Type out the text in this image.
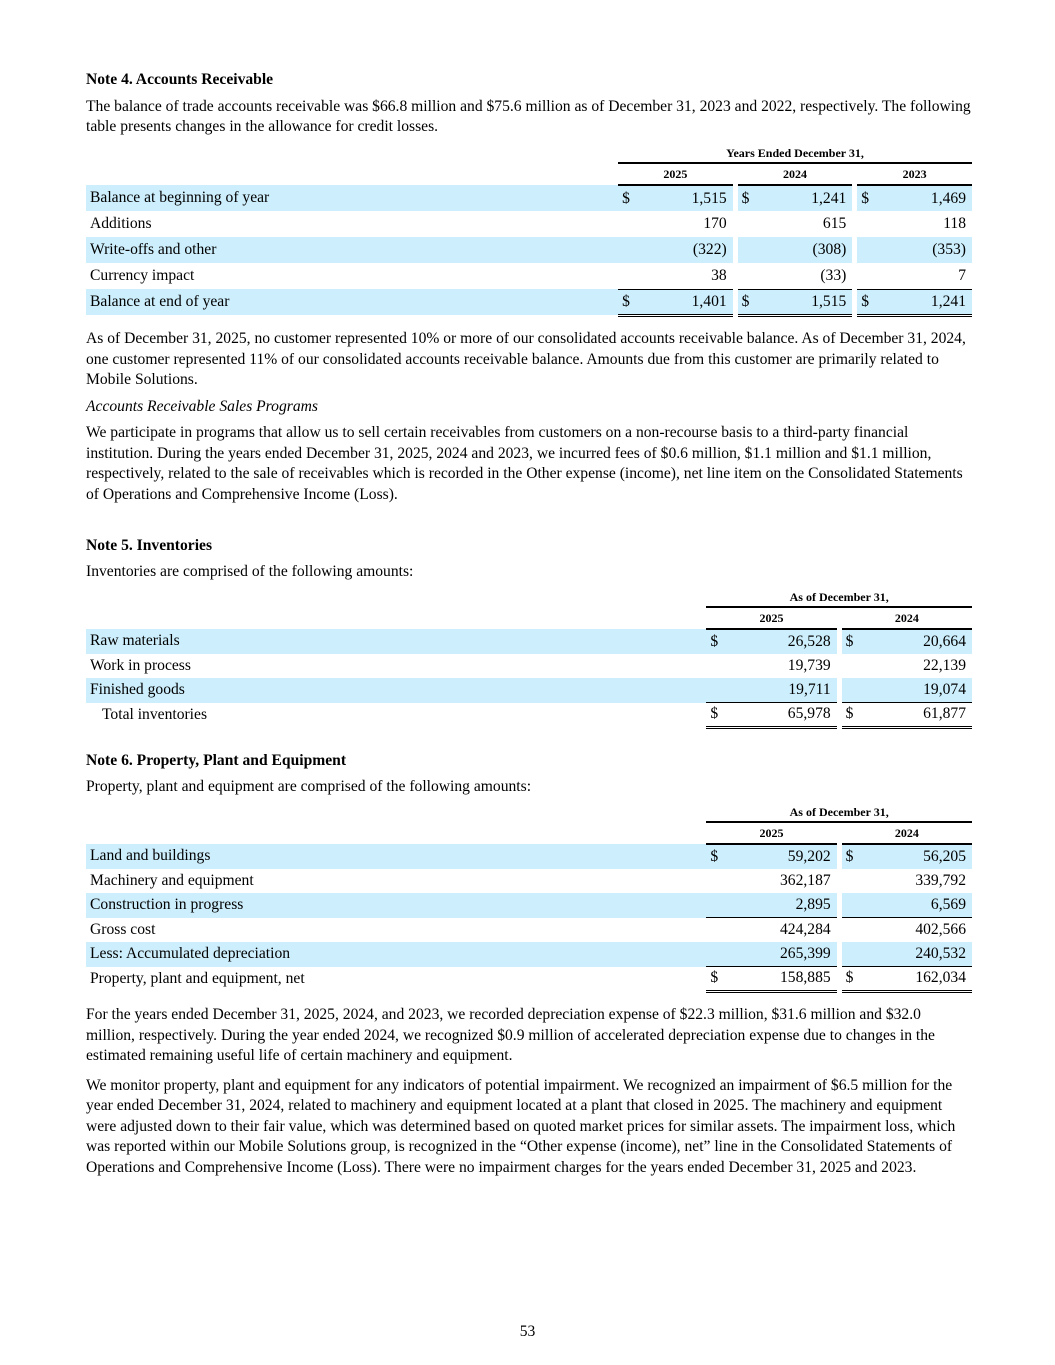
Note 4. Accounts Receivable

The balance of trade accounts receivable was $66.8 million and $75.6 million as of December 31, 2023 and 2022, respectively. The following table presents changes in the allowance for credit losses.

	Years Ended December 31,							
	2025			2024			2023	
Balance at beginning of year	$	1,515		$	1,241		$	1,469
Additions		170			615			118
Write-offs and other		(322)			(308)			(353)
Currency impact		38			(33)			7
Balance at end of year	$	1,401		$	1,515		$	1,241

As of December 31, 2025, no customer represented 10% or more of our consolidated accounts receivable balance. As of December 31, 2024, one customer represented 11% of our consolidated accounts receivable balance. Amounts due from this customer are primarily related to Mobile Solutions.

Accounts Receivable Sales Programs

We participate in programs that allow us to sell certain receivables from customers on a non-recourse basis to a third-party financial institution. During the years ended December 31, 2025, 2024 and 2023, we incurred fees of $0.6 million, $1.1 million and $1.1 million, respectively, related to the sale of receivables which is recorded in the Other expense (income), net line item on the Consolidated Statements of Operations and Comprehensive Income (Loss).

Note 5. Inventories

Inventories are comprised of the following amounts:

	As of December 31,				
	2025			2024	
Raw materials	$	26,528		$	20,664
Work in process		19,739			22,139
Finished goods		19,711			19,074
Total inventories	$	65,978		$	61,877

Note 6. Property, Plant and Equipment

Property, plant and equipment are comprised of the following amounts:

	As of December 31,				
	2025			2024	
Land and buildings	$	59,202		$	56,205
Machinery and equipment		362,187			339,792
Construction in progress		2,895			6,569
Gross cost		424,284			402,566
Less: Accumulated depreciation		265,399			240,532
Property, plant and equipment, net	$	158,885		$	162,034

For the years ended December 31, 2025, 2024, and 2023, we recorded depreciation expense of $22.3 million, $31.6 million and $32.0 million, respectively. During the year ended 2024, we recognized $0.9 million of accelerated depreciation expense due to changes in the estimated remaining useful life of certain machinery and equipment.

We monitor property, plant and equipment for any indicators of potential impairment. We recognized an impairment of $6.5 million for the year ended December 31, 2024, related to machinery and equipment located at a plant that closed in 2025. The machinery and equipment were adjusted down to their fair value, which was determined based on quoted market prices for similar assets. The impairment loss, which was reported within our Mobile Solutions group, is recognized in the “Other expense (income), net” line in the Consolidated Statements of Operations and Comprehensive Income (Loss). There were no impairment charges for the years ended December 31, 2025 and 2023.

53
